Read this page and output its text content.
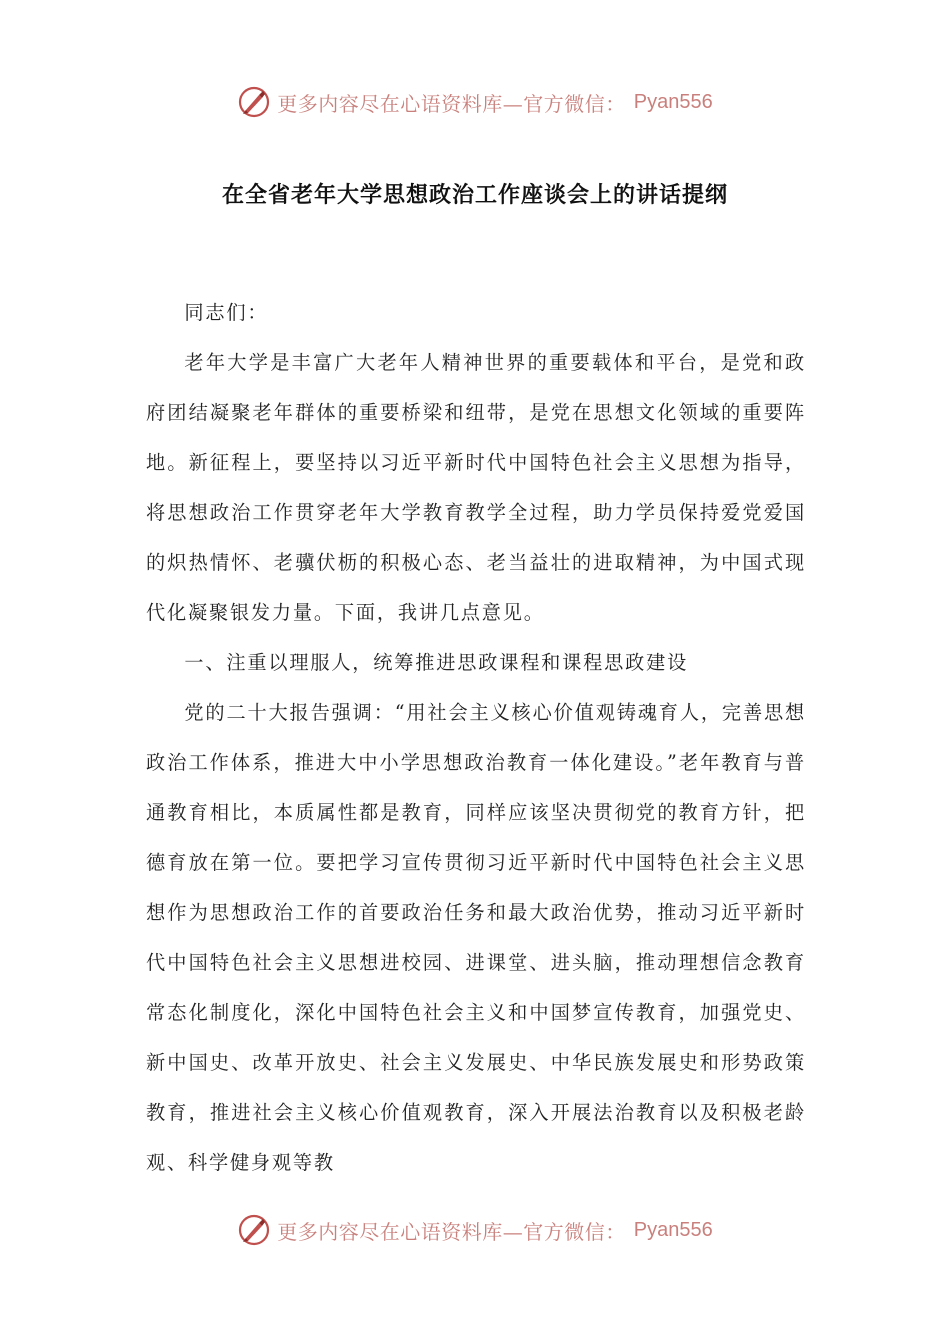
更多内容尽在心语资料库—官方微信： Pyan556
在全省老年大学思想政治工作座谈会上的讲话提纲

同志们：

老年大学是丰富广大老年人精神世界的重要载体和平台，是党和政府团结凝聚老年群体的重要桥梁和纽带，是党在思想文化领域的重要阵地。新征程上，要坚持以习近平新时代中国特色社会主义思想为指导，将思想政治工作贯穿老年大学教育教学全过程，助力学员保持爱党爱国的炽热情怀、老骥伏枥的积极心态、老当益壮的进取精神，为中国式现代化凝聚银发力量。下面，我讲几点意见。

一、注重以理服人，统筹推进思政课程和课程思政建设

党的二十大报告强调：“用社会主义核心价值观铸魂育人，完善思想政治工作体系，推进大中小学思想政治教育一体化建设。”老年教育与普通教育相比，本质属性都是教育，同样应该坚决贯彻党的教育方针，把德育放在第一位。要把学习宣传贯彻习近平新时代中国特色社会主义思想作为思想政治工作的首要政治任务和最大政治优势，推动习近平新时代中国特色社会主义思想进校园、进课堂、进头脑，推动理想信念教育常态化制度化，深化中国特色社会主义和中国梦宣传教育，加强党史、新中国史、改革开放史、社会主义发展史、中华民族发展史和形势政策教育，推进社会主义核心价值观教育，深入开展法治教育以及积极老龄观、科学健身观等教

更多内容尽在心语资料库—官方微信： Pyan556
